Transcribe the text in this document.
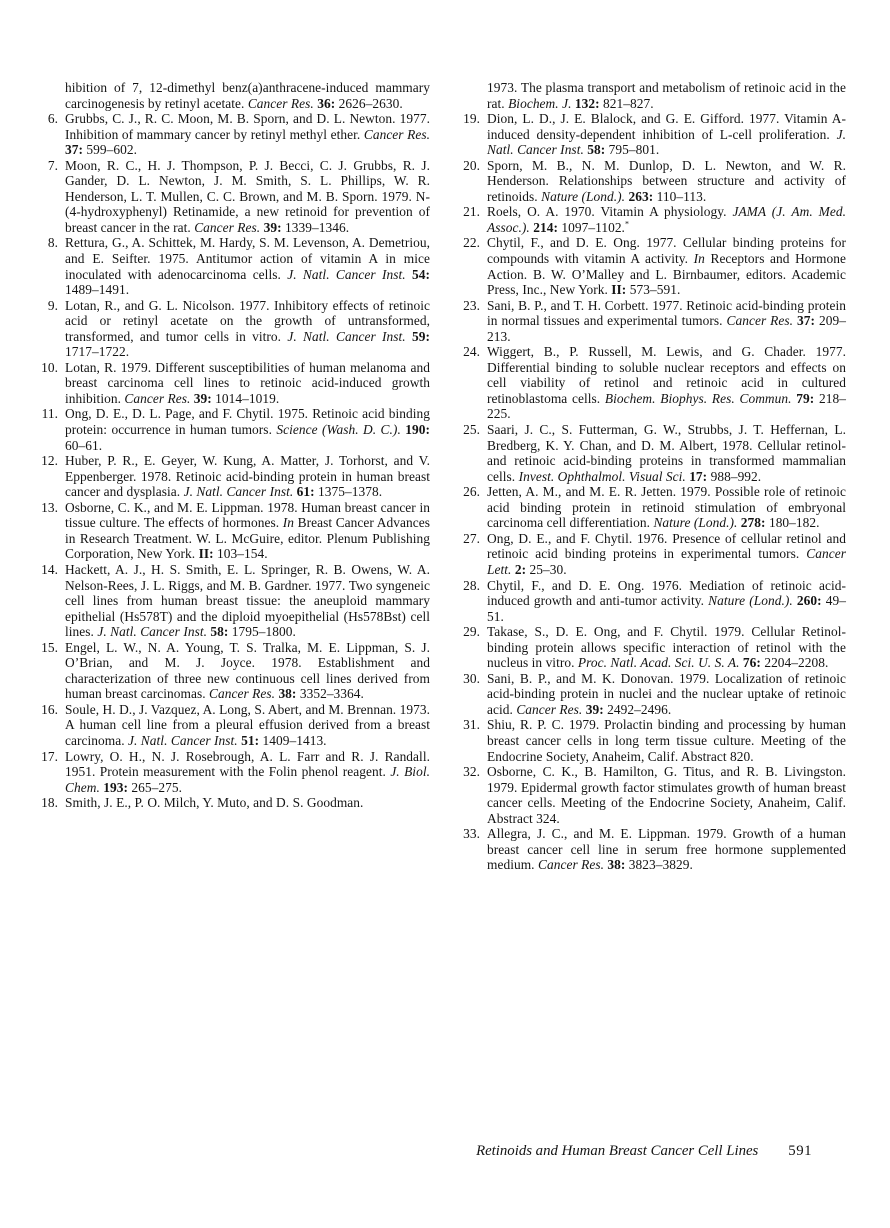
hibition of 7, 12-dimethyl benz(a)anthracene-induced mammary carcinogenesis by retinyl acetate. Cancer Res. 36: 2626–2630.
6. Grubbs, C. J., R. C. Moon, M. B. Sporn, and D. L. Newton. 1977. Inhibition of mammary cancer by retinyl methyl ether. Cancer Res. 37: 599–602.
7. Moon, R. C., H. J. Thompson, P. J. Becci, C. J. Grubbs, R. J. Gander, D. L. Newton, J. M. Smith, S. L. Phillips, W. R. Henderson, L. T. Mullen, C. C. Brown, and M. B. Sporn. 1979. N-(4-hydroxyphenyl) Retinamide, a new retinoid for prevention of breast cancer in the rat. Cancer Res. 39: 1339–1346.
8. Rettura, G., A. Schittek, M. Hardy, S. M. Levenson, A. Demetriou, and E. Seifter. 1975. Antitumor action of vitamin A in mice inoculated with adenocarcinoma cells. J. Natl. Cancer Inst. 54: 1489–1491.
9. Lotan, R., and G. L. Nicolson. 1977. Inhibitory effects of retinoic acid or retinyl acetate on the growth of untransformed, transformed, and tumor cells in vitro. J. Natl. Cancer Inst. 59: 1717–1722.
10. Lotan, R. 1979. Different susceptibilities of human melanoma and breast carcinoma cell lines to retinoic acid-induced growth inhibition. Cancer Res. 39: 1014–1019.
11. Ong, D. E., D. L. Page, and F. Chytil. 1975. Retinoic acid binding protein: occurrence in human tumors. Science (Wash. D. C.). 190: 60–61.
12. Huber, P. R., E. Geyer, W. Kung, A. Matter, J. Torhorst, and V. Eppenberger. 1978. Retinoic acid-binding protein in human breast cancer and dysplasia. J. Natl. Cancer Inst. 61: 1375–1378.
13. Osborne, C. K., and M. E. Lippman. 1978. Human breast cancer in tissue culture. The effects of hormones. In Breast Cancer Advances in Research Treatment. W. L. McGuire, editor. Plenum Publishing Corporation, New York. II: 103–154.
14. Hackett, A. J., H. S. Smith, E. L. Springer, R. B. Owens, W. A. Nelson-Rees, J. L. Riggs, and M. B. Gardner. 1977. Two syngeneic cell lines from human breast tissue: the aneuploid mammary epithelial (Hs578T) and the diploid myoepithelial (Hs578Bst) cell lines. J. Natl. Cancer Inst. 58: 1795–1800.
15. Engel, L. W., N. A. Young, T. S. Tralka, M. E. Lippman, S. J. O’Brian, and M. J. Joyce. 1978. Establishment and characterization of three new continuous cell lines derived from human breast carcinomas. Cancer Res. 38: 3352–3364.
16. Soule, H. D., J. Vazquez, A. Long, S. Abert, and M. Brennan. 1973. A human cell line from a pleural effusion derived from a breast carcinoma. J. Natl. Cancer Inst. 51: 1409–1413.
17. Lowry, O. H., N. J. Rosebrough, A. L. Farr and R. J. Randall. 1951. Protein measurement with the Folin phenol reagent. J. Biol. Chem. 193: 265–275.
18. Smith, J. E., P. O. Milch, Y. Muto, and D. S. Goodman.
1973. The plasma transport and metabolism of retinoic acid in the rat. Biochem. J. 132: 821–827.
19. Dion, L. D., J. E. Blalock, and G. E. Gifford. 1977. Vitamin A-induced density-dependent inhibition of L-cell proliferation. J. Natl. Cancer Inst. 58: 795–801.
20. Sporn, M. B., N. M. Dunlop, D. L. Newton, and W. R. Henderson. Relationships between structure and activity of retinoids. Nature (Lond.). 263: 110–113.
21. Roels, O. A. 1970. Vitamin A physiology. JAMA (J. Am. Med. Assoc.). 214: 1097–1102.*
22. Chytil, F., and D. E. Ong. 1977. Cellular binding proteins for compounds with vitamin A activity. In Receptors and Hormone Action. B. W. O’Malley and L. Birnbaumer, editors. Academic Press, Inc., New York. II: 573–591.
23. Sani, B. P., and T. H. Corbett. 1977. Retinoic acid-binding protein in normal tissues and experimental tumors. Cancer Res. 37: 209–213.
24. Wiggert, B., P. Russell, M. Lewis, and G. Chader. 1977. Differential binding to soluble nuclear receptors and effects on cell viability of retinol and retinoic acid in cultured retinoblastoma cells. Biochem. Biophys. Res. Commun. 79: 218–225.
25. Saari, J. C., S. Futterman, G. W., Strubbs, J. T. Heffernan, L. Bredberg, K. Y. Chan, and D. M. Albert, 1978. Cellular retinol- and retinoic acid-binding proteins in transformed mammalian cells. Invest. Ophthalmol. Visual Sci. 17: 988–992.
26. Jetten, A. M., and M. E. R. Jetten. 1979. Possible role of retinoic acid binding protein in retinoid stimulation of embryonal carcinoma cell differentiation. Nature (Lond.). 278: 180–182.
27. Ong, D. E., and F. Chytil. 1976. Presence of cellular retinol and retinoic acid binding proteins in experimental tumors. Cancer Lett. 2: 25–30.
28. Chytil, F., and D. E. Ong. 1976. Mediation of retinoic acid-induced growth and anti-tumor activity. Nature (Lond.). 260: 49–51.
29. Takase, S., D. E. Ong, and F. Chytil. 1979. Cellular Retinol-binding protein allows specific interaction of retinol with the nucleus in vitro. Proc. Natl. Acad. Sci. U. S. A. 76: 2204–2208.
30. Sani, B. P., and M. K. Donovan. 1979. Localization of retinoic acid-binding protein in nuclei and the nuclear uptake of retinoic acid. Cancer Res. 39: 2492–2496.
31. Shiu, R. P. C. 1979. Prolactin binding and processing by human breast cancer cells in long term tissue culture. Meeting of the Endocrine Society, Anaheim, Calif. Abstract 820.
32. Osborne, C. K., B. Hamilton, G. Titus, and R. B. Livingston. 1979. Epidermal growth factor stimulates growth of human breast cancer cells. Meeting of the Endocrine Society, Anaheim, Calif. Abstract 324.
33. Allegra, J. C., and M. E. Lippman. 1979. Growth of a human breast cancer cell line in serum free hormone supplemented medium. Cancer Res. 38: 3823–3829.
Retinoids and Human Breast Cancer Cell Lines 591
